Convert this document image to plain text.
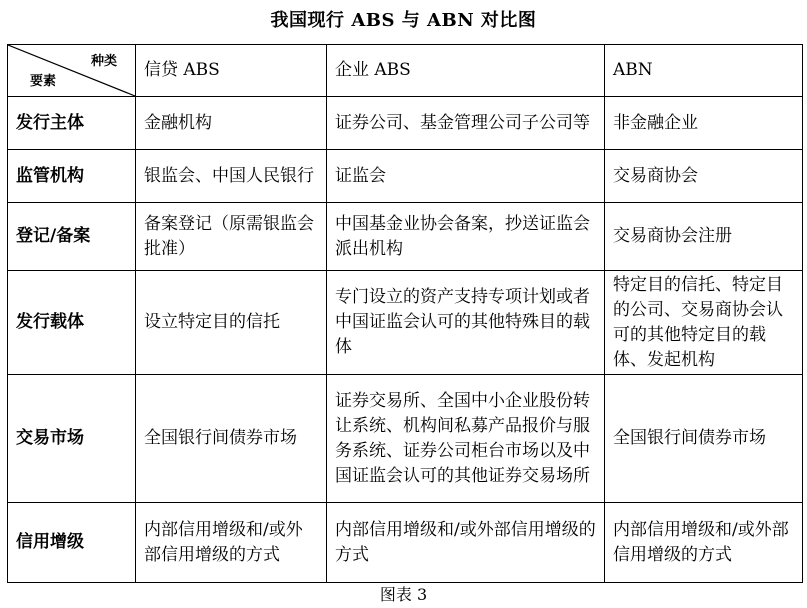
我国现行 ABS 与 ABN 对比图
种类
要素	信贷 ABS	企业 ABS	ABN
发行主体	金融机构	证券公司、基金管理公司子公司等	非金融企业
监管机构	银监会、中国人民银行	证监会	交易商协会
登记/备案	备案登记（原需银监会批准）	中国基金业协会备案，抄送证监会派出机构	交易商协会注册
发行载体	设立特定目的信托	专门设立的资产支持专项计划或者中国证监会认可的其他特殊目的载体	特定目的信托、特定目的公司、交易商协会认可的其他特定目的载体、发起机构
交易市场	全国银行间债券市场	证券交易所、全国中小企业股份转让系统、机构间私募产品报价与服务系统、证券公司柜台市场以及中国证监会认可的其他证券交易场所	全国银行间债券市场
信用增级	内部信用增级和/或外部信用增级的方式	内部信用增级和/或外部信用增级的方式	内部信用增级和/或外部信用增级的方式
图表 3
